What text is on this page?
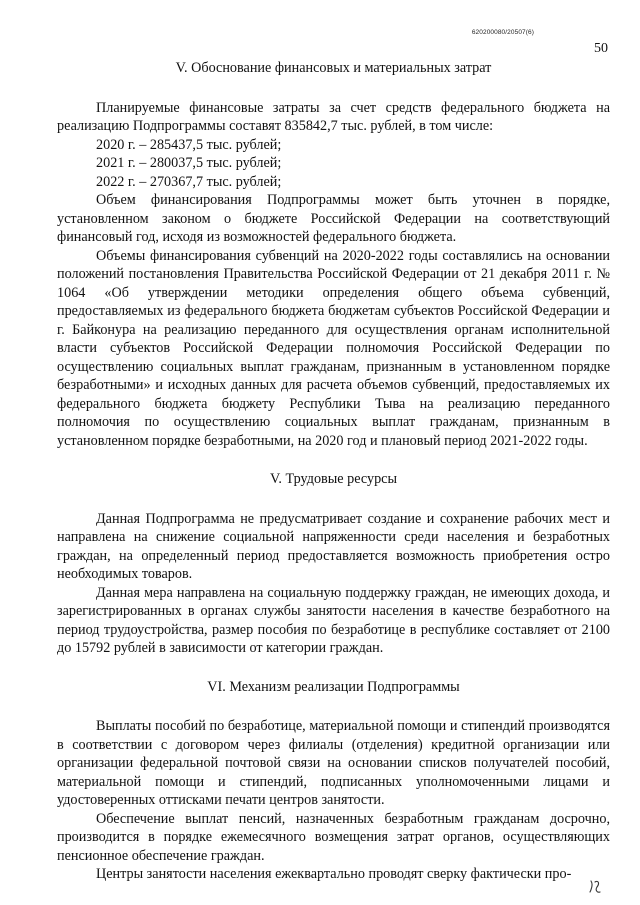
620200080/20507(6)
50
V. Обоснование финансовых и материальных затрат

Планируемые финансовые затраты за счет средств федерального бюджета на реализацию Подпрограммы составят 835842,7 тыс. рублей, в том числе:

2020 г. – 285437,5 тыс. рублей;

2021 г. – 280037,5 тыс. рублей;

2022 г. – 270367,7 тыс. рублей;

Объем финансирования Подпрограммы может быть уточнен в порядке, установленном законом о бюджете Российской Федерации на соответствующий финансовый год, исходя из возможностей федерального бюджета.

Объемы финансирования субвенций на 2020-2022 годы составлялись на основании положений постановления Правительства Российской Федерации от 21 декабря 2011 г. № 1064 «Об утверждении методики определения общего объема субвенций, предоставляемых из федерального бюджета бюджетам субъектов Российской Федерации и г. Байконура на реализацию переданного для осуществления органам исполнительной власти субъектов Российской Федерации полномочия Российской Федерации по осуществлению социальных выплат гражданам, признанным в установленном порядке безработными» и исходных данных для расчета объемов субвенций, предоставляемых их федерального бюджета бюджету Республики Тыва на реализацию переданного полномочия по осуществлению социальных выплат гражданам, признанным в установленном порядке безработными, на 2020 год и плановый период 2021-2022 годы.

V. Трудовые ресурсы

Данная Подпрограмма не предусматривает создание и сохранение рабочих мест и направлена на снижение социальной напряженности среди населения и безработных граждан, на определенный период предоставляется возможность приобретения остро необходимых товаров.

Данная мера направлена на социальную поддержку граждан, не имеющих дохода, и зарегистрированных в органах службы занятости населения в качестве безработного на период трудоустройства, размер пособия по безработице в республике составляет от 2100 до 15792 рублей в зависимости от категории граждан.

VI. Механизм реализации Подпрограммы

Выплаты пособий по безработице, материальной помощи и стипендий производятся в соответствии с договором через филиалы (отделения) кредитной организации или организации федеральной почтовой связи на основании списков получателей пособий, материальной помощи и стипендий, подписанных уполномоченными лицами и удостоверенных оттисками печати центров занятости.

Обеспечение выплат пенсий, назначенных безработным гражданам досрочно, производится в порядке ежемесячного возмещения затрат органов, осуществляющих пенсионное обеспечение граждан.

Центры занятости населения ежеквартально проводят сверку фактически про-
